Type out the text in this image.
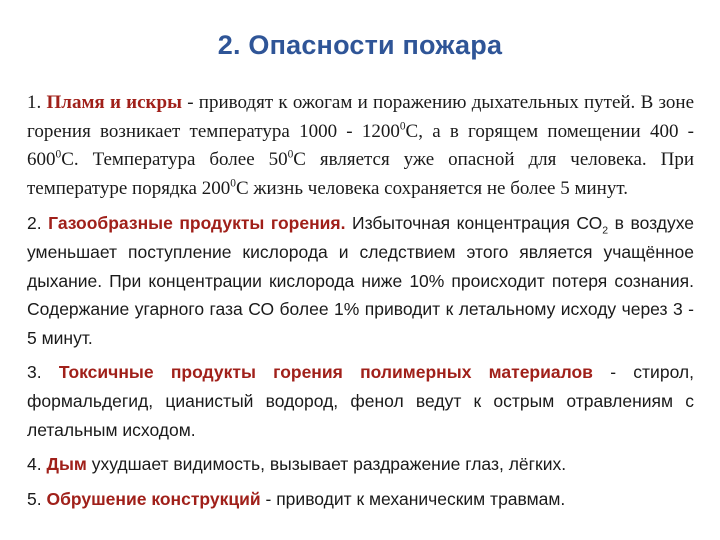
2. Опасности пожара

1. Пламя и искры - приводят к ожогам и поражению дыхательных путей. В зоне горения возникает температура 1000 - 1200$^0$С, а в горящем помещении $400 - 600^0С$. Температура более $50^0С$ является уже опасной для человека. При температуре порядка $200^0С$ жизнь человека сохраняется не более 5 минут.

2. Газообразные продукты горения. Избыточная концентрация $СО_2$ в воздухе уменьшает поступление кислорода и следствием этого является учащённое дыхание. При концентрации кислорода ниже 10% происходит потеря сознания. Содержание угарного газа СО более 1% приводит к летальному исходу через 3 - 5 минут.

3. Токсичные продукты горения полимерных материалов - стирол, формальдегид, цианистый водород, фенол ведут к острым отравлениям с летальным исходом.

4. Дым ухудшает видимость, вызывает раздражение глаз, лёгких.

5. Обрушение конструкций - приводит к механическим травмам.
